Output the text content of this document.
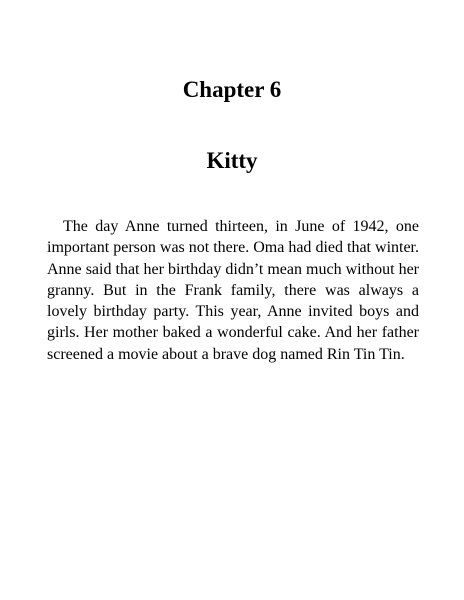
Chapter 6
Kitty

The day Anne turned thirteen, in June of 1942, one important person was not there. Oma had died that winter. Anne said that her birthday didn’t mean much without her granny. But in the Frank family, there was always a lovely birthday party. This year, Anne invited boys and girls. Her mother baked a wonderful cake. And her father screened a movie about a brave dog named Rin Tin Tin.
